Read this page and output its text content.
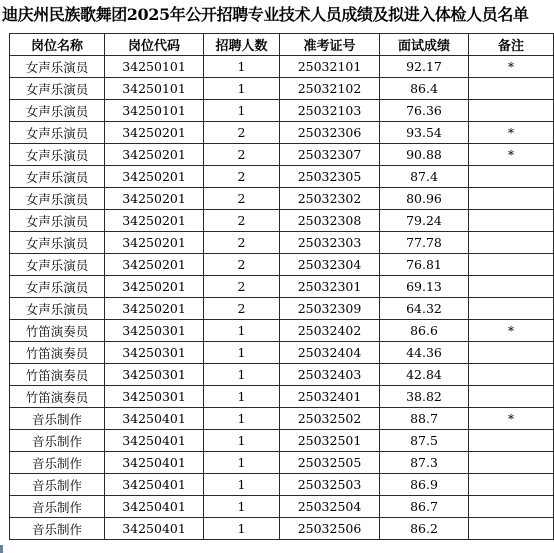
迪庆州民族歌舞团2025年公开招聘专业技术人员成绩及拟进入体检人员名单
岗位名称	岗位代码	招聘人数	准考证号	面试成绩	备注
女声乐演员	34250101	1	25032101	92.17	*
女声乐演员	34250101	1	25032102	86.4	
女声乐演员	34250101	1	25032103	76.36	
女声乐演员	34250201	2	25032306	93.54	*
女声乐演员	34250201	2	25032307	90.88	*
女声乐演员	34250201	2	25032305	87.4	
女声乐演员	34250201	2	25032302	80.96	
女声乐演员	34250201	2	25032308	79.24	
女声乐演员	34250201	2	25032303	77.78	
女声乐演员	34250201	2	25032304	76.81	
女声乐演员	34250201	2	25032301	69.13	
女声乐演员	34250201	2	25032309	64.32	
竹笛演奏员	34250301	1	25032402	86.6	*
竹笛演奏员	34250301	1	25032404	44.36	
竹笛演奏员	34250301	1	25032403	42.84	
竹笛演奏员	34250301	1	25032401	38.82	
音乐制作	34250401	1	25032502	88.7	*
音乐制作	34250401	1	25032501	87.5	
音乐制作	34250401	1	25032505	87.3	
音乐制作	34250401	1	25032503	86.9	
音乐制作	34250401	1	25032504	86.7	
音乐制作	34250401	1	25032506	86.2	
